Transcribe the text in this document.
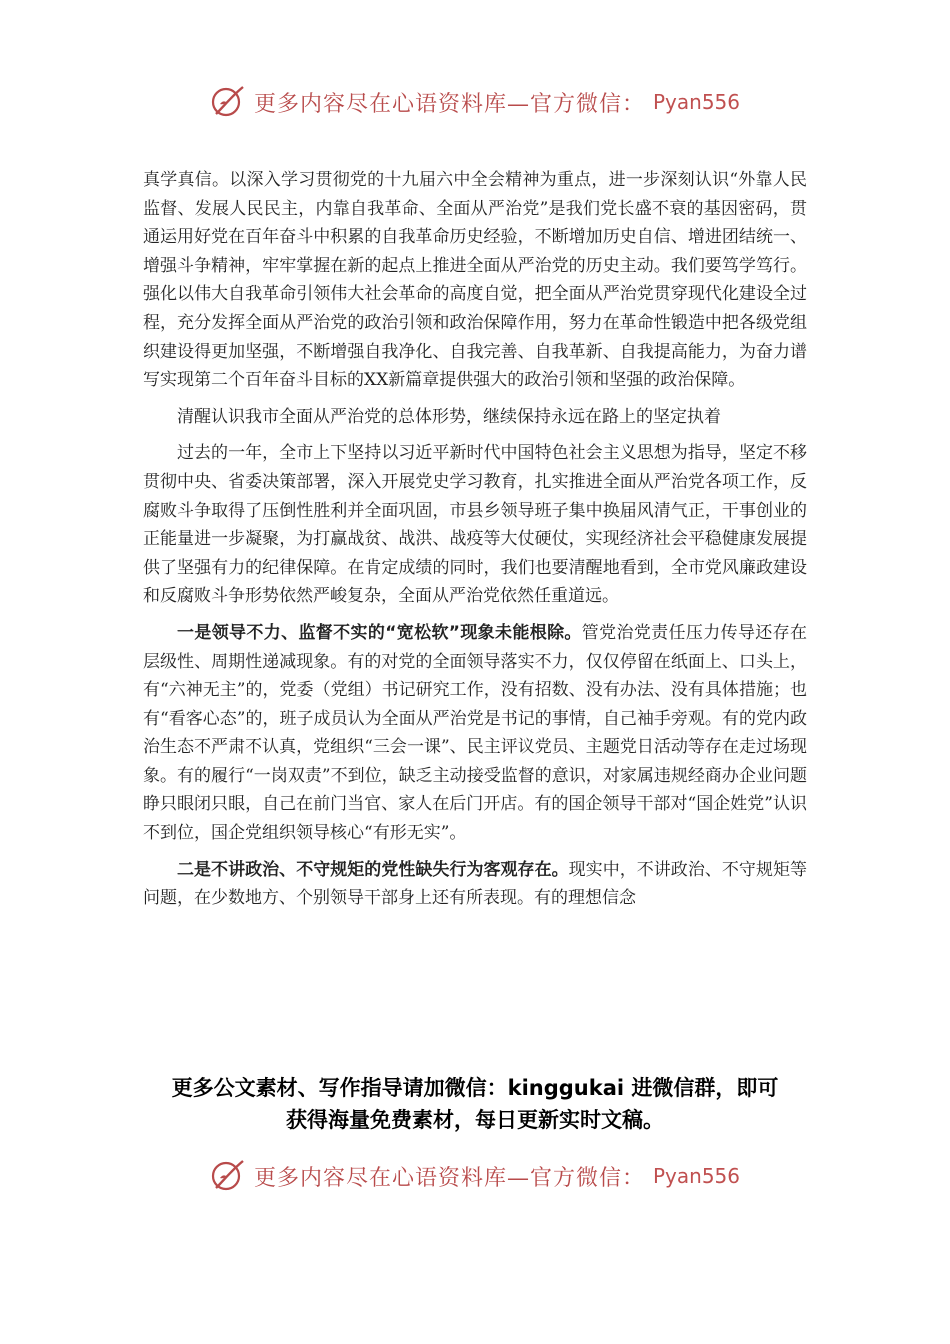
更多内容尽在心语资料库—官方微信： Pyan556

真学真信。以深入学习贯彻党的十九届六中全会精神为重点，进一步深刻认识“外靠人民监督、发展人民民主，内靠自我革命、全面从严治党”是我们党长盛不衰的基因密码，贯通运用好党在百年奋斗中积累的自我革命历史经验，不断增加历史自信、增进团结统一、增强斗争精神，牢牢掌握在新的起点上推进全面从严治党的历史主动。我们要笃学笃行。强化以伟大自我革命引领伟大社会革命的高度自觉，把全面从严治党贯穿现代化建设全过程，充分发挥全面从严治党的政治引领和政治保障作用，努力在革命性锻造中把各级党组织建设得更加坚强，不断增强自我净化、自我完善、自我革新、自我提高能力，为奋力谱写实现第二个百年奋斗目标的XX新篇章提供强大的政治引领和坚强的政治保障。

清醒认识我市全面从严治党的总体形势，继续保持永远在路上的坚定执着

过去的一年，全市上下坚持以习近平新时代中国特色社会主义思想为指导，坚定不移贯彻中央、省委决策部署，深入开展党史学习教育，扎实推进全面从严治党各项工作，反腐败斗争取得了压倒性胜利并全面巩固，市县乡领导班子集中换届风清气正，干事创业的正能量进一步凝聚，为打赢战贫、战洪、战疫等大仗硬仗，实现经济社会平稳健康发展提供了坚强有力的纪律保障。在肯定成绩的同时，我们也要清醒地看到，全市党风廉政建设和反腐败斗争形势依然严峻复杂，全面从严治党依然任重道远。

一是领导不力、监督不实的“宽松软”现象未能根除。管党治党责任压力传导还存在层级性、周期性递减现象。有的对党的全面领导落实不力，仅仅停留在纸面上、口头上，有“六神无主”的，党委（党组）书记研究工作，没有招数、没有办法、没有具体措施；也有“看客心态”的，班子成员认为全面从严治党是书记的事情，自己袖手旁观。有的党内政治生态不严肃不认真，党组织“三会一课”、民主评议党员、主题党日活动等存在走过场现象。有的履行“一岗双责”不到位，缺乏主动接受监督的意识，对家属违规经商办企业问题睁只眼闭只眼，自己在前门当官、家人在后门开店。有的国企领导干部对“国企姓党”认识不到位，国企党组织领导核心“有形无实”。

二是不讲政治、不守规矩的党性缺失行为客观存在。现实中，不讲政治、不守规矩等问题，在少数地方、个别领导干部身上还有所表现。有的理想信念

更多公文素材、写作指导请加微信：kinggukai 进微信群，即可

获得海量免费素材，每日更新实时文稿。

更多内容尽在心语资料库—官方微信： Pyan556
